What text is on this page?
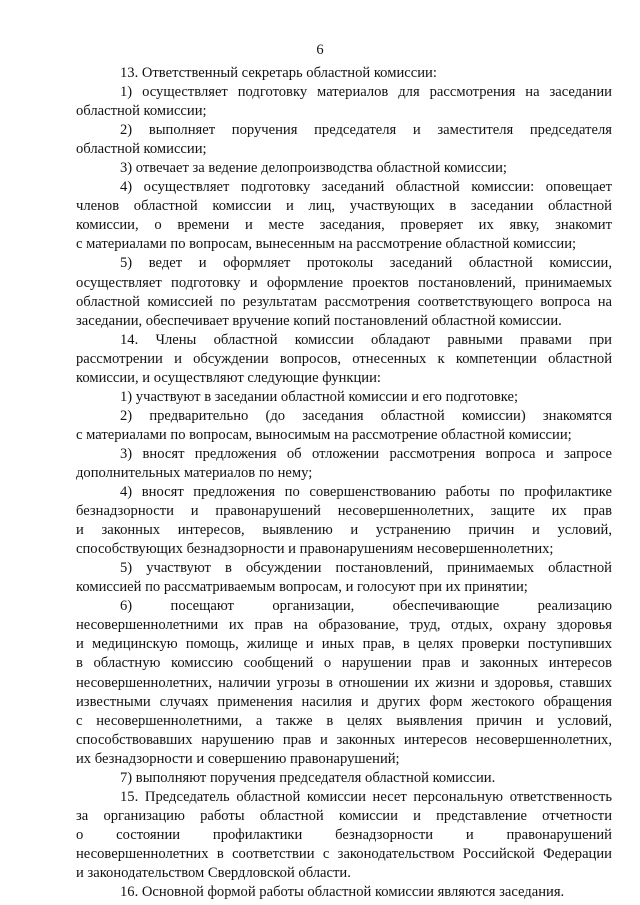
6
13. Ответственный секретарь областной комиссии:
1) осуществляет подготовку материалов для рассмотрения на заседании
областной комиссии;
2) выполняет поручения председателя и заместителя председателя
областной комиссии;
3) отвечает за ведение делопроизводства областной комиссии;
4) осуществляет подготовку заседаний областной комиссии: оповещает
членов областной комиссии и лиц, участвующих в заседании областной
комиссии, о времени и месте заседания, проверяет их явку, знакомит
с материалами по вопросам, вынесенным на рассмотрение областной комиссии;
5) ведет и оформляет протоколы заседаний областной комиссии,
осуществляет подготовку и оформление проектов постановлений, принимаемых
областной комиссией по результатам рассмотрения соответствующего вопроса на
заседании, обеспечивает вручение копий постановлений областной комиссии.
14. Члены областной комиссии обладают равными правами при
рассмотрении и обсуждении вопросов, отнесенных к компетенции областной
комиссии, и осуществляют следующие функции:
1) участвуют в заседании областной комиссии и его подготовке;
2) предварительно (до заседания областной комиссии) знакомятся
с материалами по вопросам, выносимым на рассмотрение областной комиссии;
3) вносят предложения об отложении рассмотрения вопроса и запросе
дополнительных материалов по нему;
4) вносят предложения по совершенствованию работы по профилактике
безнадзорности и правонарушений несовершеннолетних, защите их прав
и законных интересов, выявлению и устранению причин и условий,
способствующих безнадзорности и правонарушениям несовершеннолетних;
5) участвуют в обсуждении постановлений, принимаемых областной
комиссией по рассматриваемым вопросам, и голосуют при их принятии;
6) посещают организации, обеспечивающие реализацию
несовершеннолетними их прав на образование, труд, отдых, охрану здоровья
и медицинскую помощь, жилище и иных прав, в целях проверки поступивших
в областную комиссию сообщений о нарушении прав и законных интересов
несовершеннолетних, наличии угрозы в отношении их жизни и здоровья, ставших
известными случаях применения насилия и других форм жестокого обращения
с несовершеннолетними, а также в целях выявления причин и условий,
способствовавших нарушению прав и законных интересов несовершеннолетних,
их безнадзорности и совершению правонарушений;
7) выполняют поручения председателя областной комиссии.
15. Председатель областной комиссии несет персональную ответственность
за организацию работы областной комиссии и представление отчетности
о состоянии профилактики безнадзорности и правонарушений
несовершеннолетних в соответствии с законодательством Российской Федерации
и законодательством Свердловской области.
16. Основной формой работы областной комиссии являются заседания.
